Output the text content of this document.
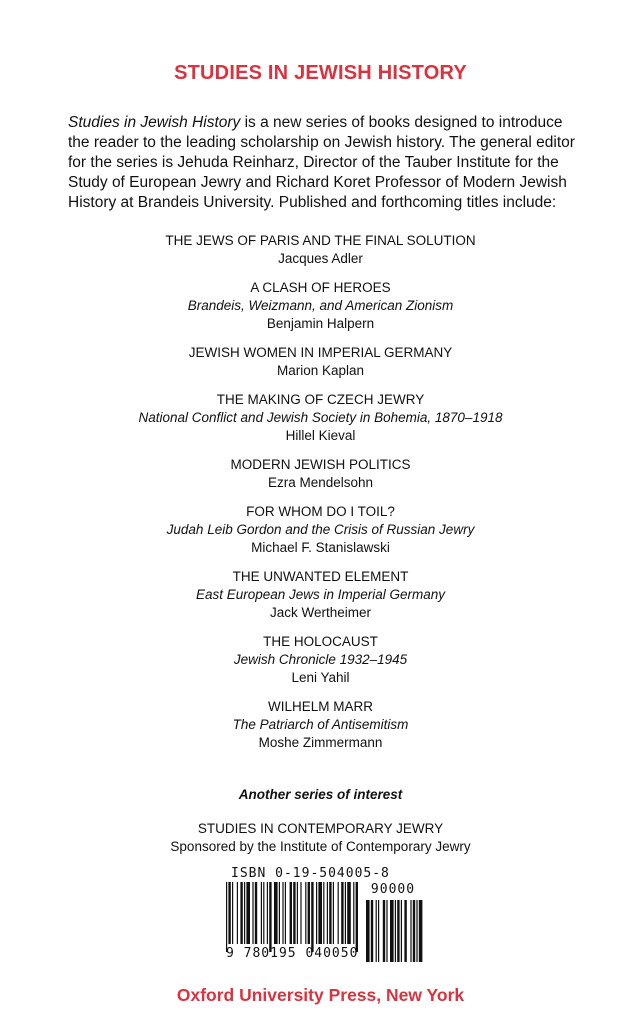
STUDIES IN JEWISH HISTORY

Studies in Jewish History is a new series of books designed to introduce the reader to the leading scholarship on Jewish history. The general editor for the series is Jehuda Reinharz, Director of the Tauber Institute for the Study of European Jewry and Richard Koret Professor of Modern Jewish History at Brandeis University. Published and forthcoming titles include:

THE JEWS OF PARIS AND THE FINAL SOLUTION
Jacques Adler
A CLASH OF HEROES
Brandeis, Weizmann, and American Zionism
Benjamin Halpern
JEWISH WOMEN IN IMPERIAL GERMANY
Marion Kaplan
THE MAKING OF CZECH JEWRY
National Conflict and Jewish Society in Bohemia, 1870–1918
Hillel Kieval
MODERN JEWISH POLITICS
Ezra Mendelsohn
FOR WHOM DO I TOIL?
Judah Leib Gordon and the Crisis of Russian Jewry
Michael F. Stanislawski
THE UNWANTED ELEMENT
East European Jews in Imperial Germany
Jack Wertheimer
THE HOLOCAUST
Jewish Chronicle 1932–1945
Leni Yahil
WILHELM MARR
The Patriarch of Antisemitism
Moshe Zimmermann
Another series of interest
STUDIES IN CONTEMPORARY JEWRY
Sponsored by the Institute of Contemporary Jewry
ISBN 0-19-504005-8
90000
9 780195 040050
Oxford University Press, New York
